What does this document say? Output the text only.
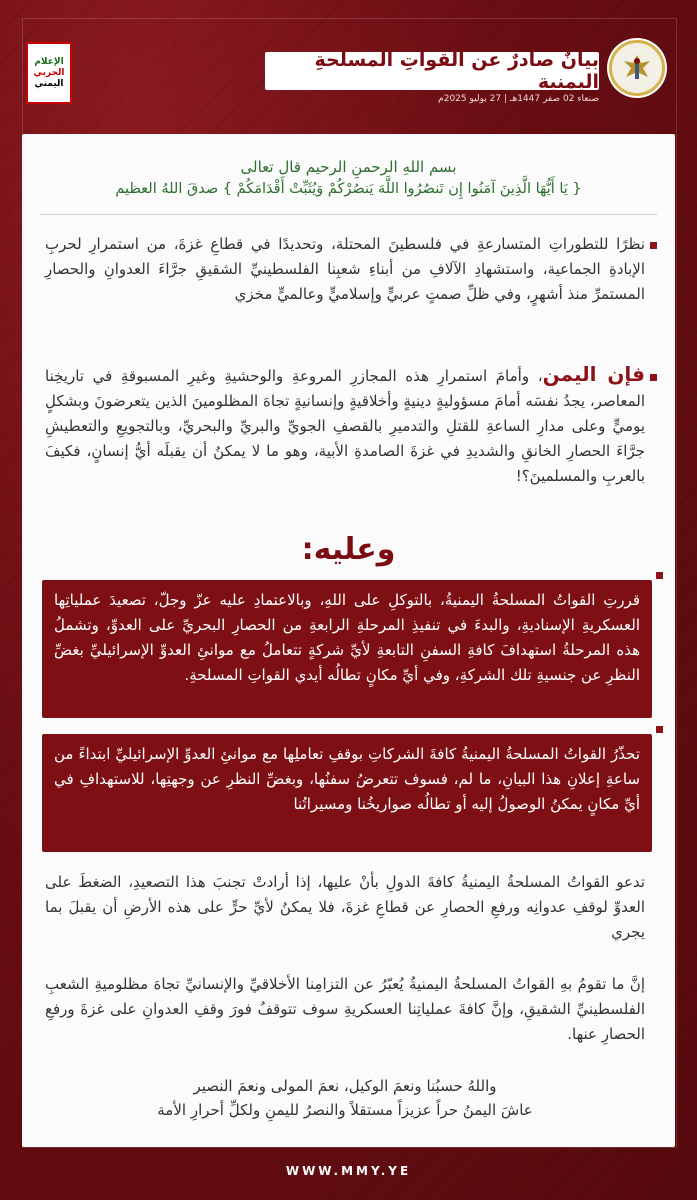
الإعلام
الحربي
اليمني
بيانٌ صادرٌ عن القواتِ المسلحةِ اليمنية
صنعاء 02 صفر 1447هـ | 27 يوليو 2025م
بسم اللهِ الرحمنِ الرحيم قال تعالى
{ يَا أَيُّهَا الَّذِينَ آمَنُوا إِن تَنصُرُوا اللَّهَ يَنصُرْكُمْ وَيُثَبِّتْ أَقْدَامَكُمْ } صدقَ اللهُ العظيم
نظرًا للتطوراتِ المتسارعةِ في فلسطينَ المحتلة، وتحديدًا في قطاعِ غزةَ، من استمرارِ لحربِ الإبادةِ الجماعية، واستشهادِ الآلافِ من أبناءِ شعبِنا الفلسطينيِّ الشقيقِ جرَّاءَ العدوانِ والحصارِ المستمرِّ منذ أشهرٍ، وفي ظلِّ صمتٍ عربيٍّ وإسلاميٍّ وعالميٍّ مخزي
فإن اليمن، وأمامَ استمرارِ هذه المجازرِ المروعةِ والوحشيةِ وغيرِ المسبوقةِ في تاريخِنا المعاصر، يجدُ نفسَه أمامَ مسؤوليةٍ دينيةٍ وأخلاقيةٍ وإنسانيةٍ تجاهَ المظلومينَ الذين يتعرضونَ وبشكلٍ يوميٍّ وعلى مدارِ الساعةِ للقتلِ والتدميرِ بالقصفِ الجويِّ والبريِّ والبحريِّ، وبالتجويعِ والتعطيشِ جرَّاءَ الحصارِ الخانقِ والشديدِ في غزةَ الصامدةِ الأبية، وهو ما لا يمكنُ أن يقبلَه أيُّ إنسانٍ، فكيفَ بالعربِ والمسلمينَ؟!
وعليه:
قررتِ القواتُ المسلحةُ اليمنيةُ، بالتوكلِ على اللهِ، وبالاعتمادِ عليه عزّ وجلّ، تصعيدَ عملياتِها العسكريةِ الإسناديةِ، والبدءَ في تنفيذِ المرحلةِ الرابعةِ من الحصارِ البحريِّ على العدوِّ، وتشملُ هذه المرحلةُ استهدافَ كافةِ السفنِ التابعةِ لأيِّ شركةٍ تتعاملُ مع موانئِ العدوِّ الإسرائيليِّ بغضِّ النظرِ عن جنسيةِ تلك الشركةِ، وفي أيِّ مكانٍ تطالُه أيدي القواتِ المسلحةِ.
تحذّرُ القواتُ المسلحةُ اليمنيةُ كافةَ الشركاتِ بوقفِ تعاملِها مع موانئِ العدوِّ الإسرائيليِّ ابتداءً من ساعةِ إعلانِ هذا البيانِ، ما لم، فسوف تتعرضُ سفنُها، وبغضِّ النظرِ عن وجهتِها، للاستهدافِ في أيِّ مكانٍ يمكنُ الوصولُ إليه أو تطالُه صواريخُنا ومسيراتُنا
تدعو القواتُ المسلحةُ اليمنيةُ كافةَ الدولِ بأنْ عليها، إذا أرادتْ تجنبَ هذا التصعيدِ، الضغطَ على العدوِّ لوقفِ عدوانِه ورفعِ الحصارِ عن قطاعِ غزةَ، فلا يمكنُ لأيِّ حرٍّ على هذه الأرضِ أن يقبلَ بما يجري
إنَّ ما تقومُ بهِ القواتُ المسلحةُ اليمنيةُ يُعبّرُ عن التزامِنا الأخلاقيِّ والإنسانيِّ تجاهَ مظلوميةِ الشعبِ الفلسطينيِّ الشقيقِ، وإنَّ كافةَ عملياتِنا العسكريةِ سوف تتوقفُ فورَ وقفِ العدوانِ على غزةَ ورفعِ الحصارِ عنها.
واللهُ حسبُنا ونعمَ الوكيل، نعمَ المولى ونعمَ النصير
عاشَ اليمنُ حراً عزيزاً مستقلاً والنصرُ لليمنِ ولكلِّ أحرارِ الأمة
WWW.MMY.YE
